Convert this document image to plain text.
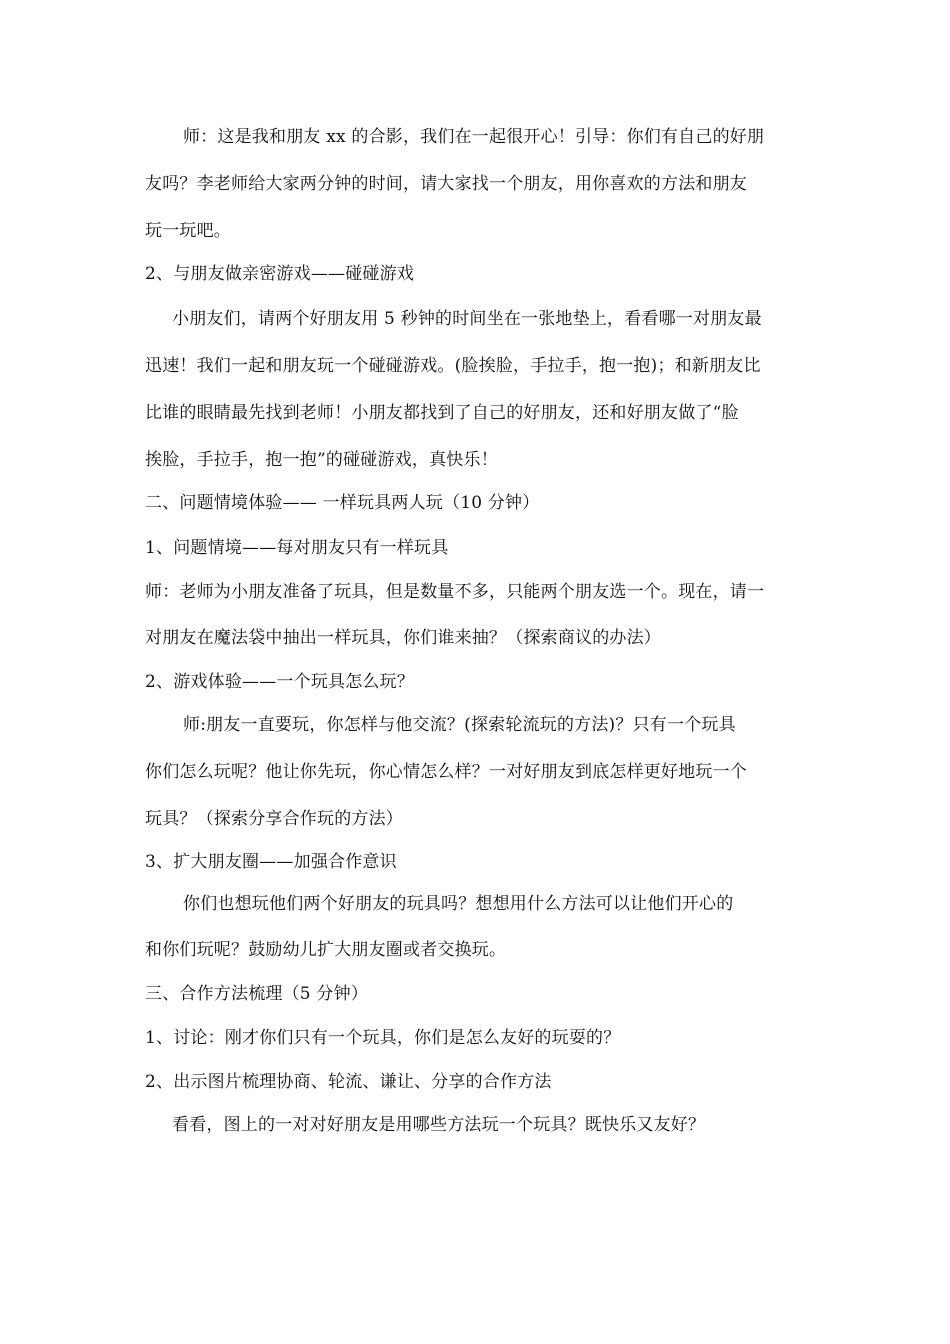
师：这是我和朋友 xx 的合影，我们在一起很开心！引导：你们有自己的好朋
友吗？李老师给大家两分钟的时间，请大家找一个朋友，用你喜欢的方法和朋友
玩一玩吧。
2、与朋友做亲密游戏——碰碰游戏
小朋友们，请两个好朋友用 5 秒钟的时间坐在一张地垫上，看看哪一对朋友最
迅速！我们一起和朋友玩一个碰碰游戏。(脸挨脸，手拉手，抱一抱)；和新朋友比
比谁的眼睛最先找到老师！小朋友都找到了自己的好朋友，还和好朋友做了“脸
挨脸，手拉手，抱一抱”的碰碰游戏，真快乐！
二、问题情境体验—— 一样玩具两人玩（10 分钟）
1、问题情境——每对朋友只有一样玩具
师：老师为小朋友准备了玩具，但是数量不多，只能两个朋友选一个。现在，请一
对朋友在魔法袋中抽出一样玩具，你们谁来抽？（探索商议的办法）
2、游戏体验——一个玩具怎么玩？
师:朋友一直要玩，你怎样与他交流？(探索轮流玩的方法)？只有一个玩具
你们怎么玩呢？他让你先玩，你心情怎么样？一对好朋友到底怎样更好地玩一个
玩具？（探索分享合作玩的方法）
3、扩大朋友圈——加强合作意识
你们也想玩他们两个好朋友的玩具吗？想想用什么方法可以让他们开心的
和你们玩呢？鼓励幼儿扩大朋友圈或者交换玩。
三、合作方法梳理（5 分钟）
1、讨论：刚才你们只有一个玩具，你们是怎么友好的玩耍的？
2、出示图片梳理协商、轮流、谦让、分享的合作方法
看看，图上的一对对好朋友是用哪些方法玩一个玩具？既快乐又友好？
